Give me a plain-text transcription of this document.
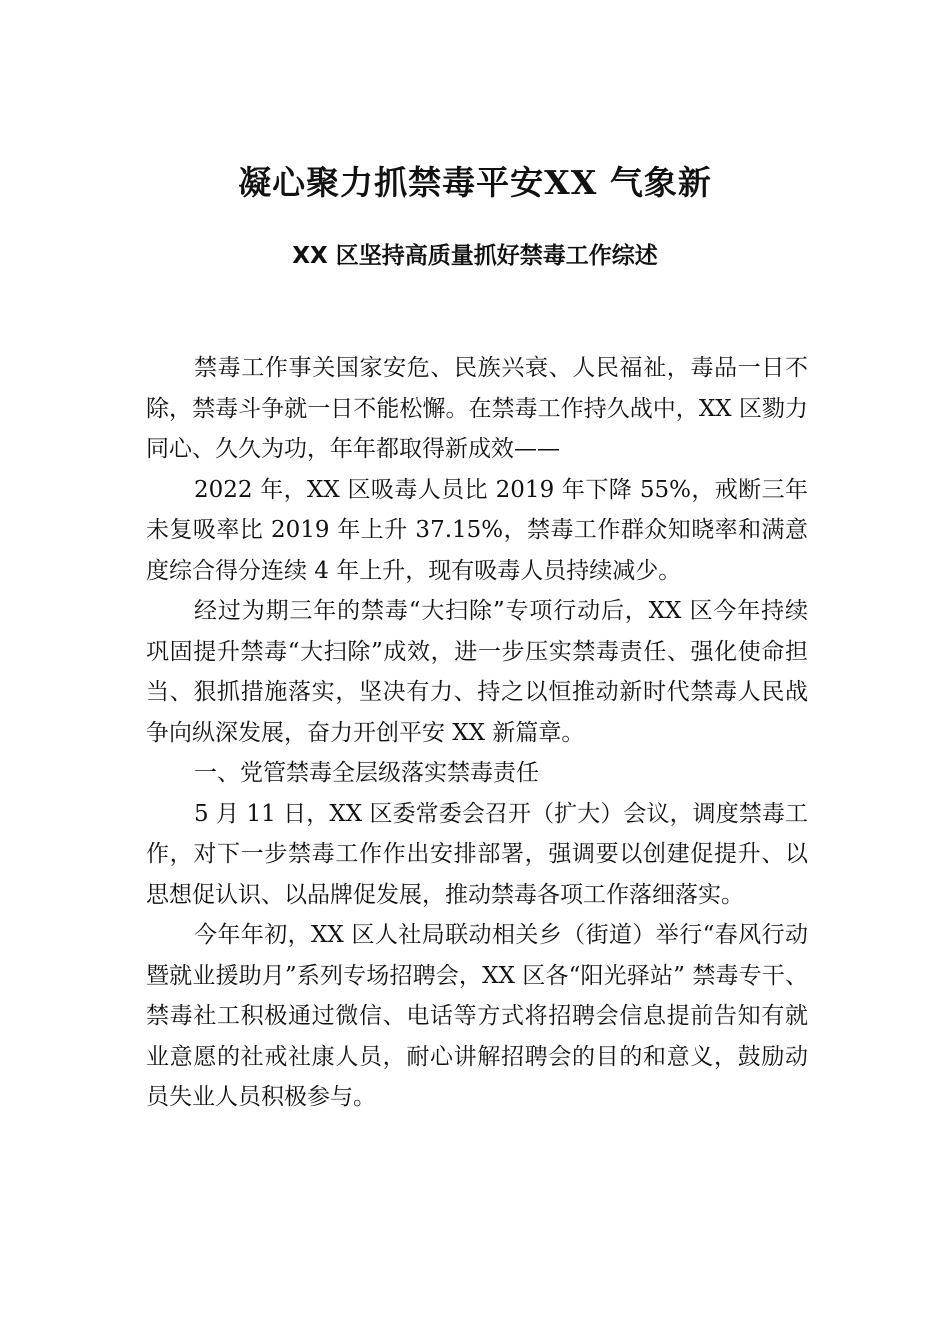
凝心聚力抓禁毒平安XX 气象新
XX 区坚持高质量抓好禁毒工作综述

禁毒工作事关国家安危、民族兴衰、人民福祉，毒品一日不除，禁毒斗争就一日不能松懈。在禁毒工作持久战中，XX 区勠力同心、久久为功，年年都取得新成效——

2022 年，XX 区吸毒人员比 2019 年下降 55%，戒断三年未复吸率比 2019 年上升 37.15%，禁毒工作群众知晓率和满意度综合得分连续 4 年上升，现有吸毒人员持续减少。

经过为期三年的禁毒“大扫除”专项行动后，XX 区今年持续巩固提升禁毒“大扫除”成效，进一步压实禁毒责任、强化使命担当、狠抓措施落实，坚决有力、持之以恒推动新时代禁毒人民战争向纵深发展，奋力开创平安 XX 新篇章。

一、党管禁毒全层级落实禁毒责任

5 月 11 日，XX 区委常委会召开（扩大）会议，调度禁毒工作，对下一步禁毒工作作出安排部署，强调要以创建促提升、以思想促认识、以品牌促发展，推动禁毒各项工作落细落实。

今年年初，XX 区人社局联动相关乡（街道）举行“春风行动暨就业援助月”系列专场招聘会，XX 区各“阳光驿站” 禁毒专干、禁毒社工积极通过微信、电话等方式将招聘会信息提前告知有就业意愿的社戒社康人员，耐心讲解招聘会的目的和意义，鼓励动员失业人员积极参与。
